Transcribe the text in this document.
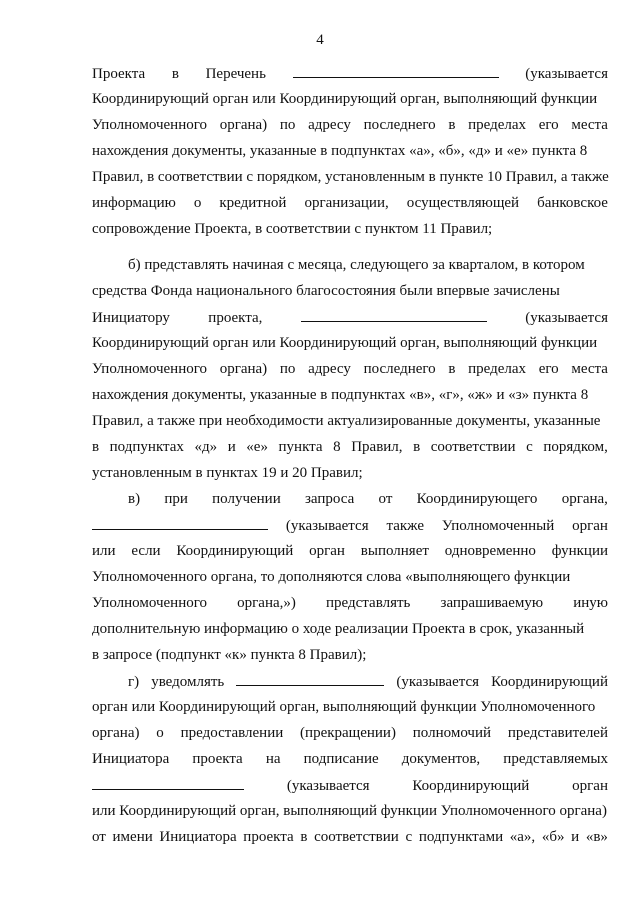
4
Проекта в Перечень	(указывается
Координирующий орган или Координирующий орган, выполняющий функции
Уполномоченного органа) по адресу последнего в пределах его места
нахождения документы, указанные в подпунктах «а», «б», «д» и «е» пункта 8
Правил, в соответствии с порядком, установленным в пункте 10 Правил, а также
информацию о кредитной организации, осуществляющей банковское
сопровождение Проекта, в соответствии с пунктом 11 Правил;
б) представлять начиная с месяца, следующего за кварталом, в котором
средства Фонда национального благосостояния были впервые зачислены
Инициатору	проекта,	(указывается
Координирующий орган или Координирующий орган, выполняющий функции
Уполномоченного органа) по адресу последнего в пределах его места
нахождения документы, указанные в подпунктах «в», «г», «ж» и «з» пункта 8
Правил, а также при необходимости актуализированные документы, указанные
в подпунктах «д» и «е» пункта 8 Правил, в соответствии с порядком,
установленным в пунктах 19 и 20 Правил;
в) при получении запроса от Координирующего органа,
(указывается также Уполномоченный орган
или если Координирующий орган выполняет одновременно функции
Уполномоченного органа, то дополняются слова «выполняющего функции
Уполномоченного органа,») представлять запрашиваемую иную
дополнительную информацию о ходе реализации Проекта в срок, указанный
в запросе (подпункт «к» пункта 8 Правил);
г) уведомлять	(указывается Координирующий
орган или Координирующий орган, выполняющий функции Уполномоченного
органа) о предоставлении (прекращении) полномочий представителей
Инициатора проекта на подписание документов, представляемых
(указывается	Координирующий	орган
или Координирующий орган, выполняющий функции Уполномоченного органа)
от имени Инициатора проекта в соответствии с подпунктами «а», «б» и «в»
